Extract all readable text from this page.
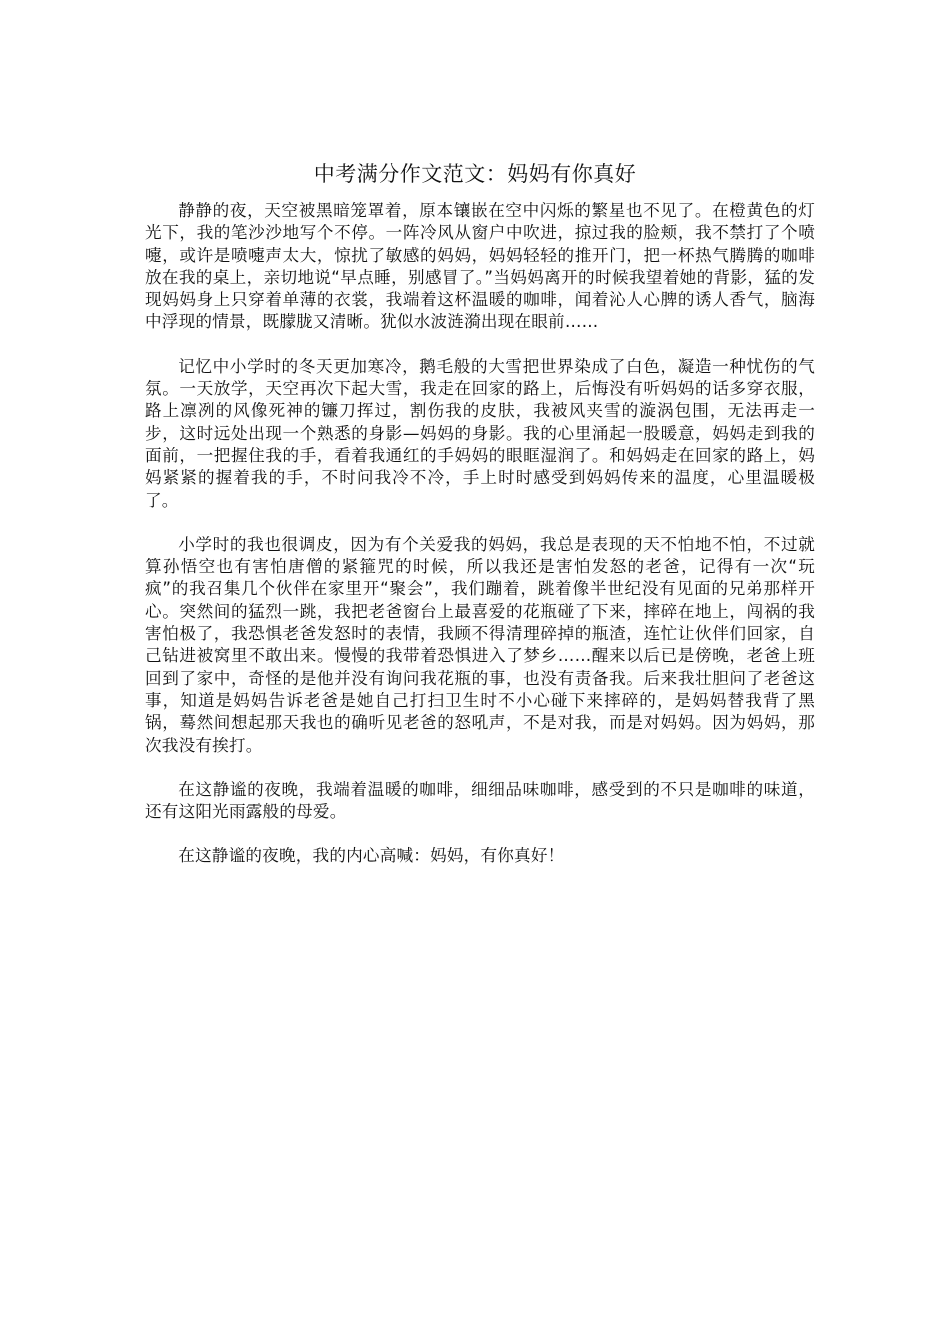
中考满分作文范文：妈妈有你真好

静静的夜，天空被黑暗笼罩着，原本镶嵌在空中闪烁的繁星也不见了。在橙黄色的灯光下，我的笔沙沙地写个不停。一阵冷风从窗户中吹进，掠过我的脸颊，我不禁打了个喷嚏，或许是喷嚏声太大，惊扰了敏感的妈妈，妈妈轻轻的推开门，把一杯热气腾腾的咖啡放在我的桌上，亲切地说“早点睡，别感冒了。”当妈妈离开的时候我望着她的背影，猛的发现妈妈身上只穿着单薄的衣裳，我端着这杯温暖的咖啡，闻着沁人心脾的诱人香气，脑海中浮现的情景，既朦胧又清晰。犹似水波涟漪出现在眼前……

记忆中小学时的冬天更加寒冷，鹅毛般的大雪把世界染成了白色，凝造一种忧伤的气氛。一天放学，天空再次下起大雪，我走在回家的路上，后悔没有听妈妈的话多穿衣服，路上凛冽的风像死神的镰刀挥过，割伤我的皮肤，我被风夹雪的漩涡包围，无法再走一步，这时远处出现一个熟悉的身影—妈妈的身影。我的心里涌起一股暖意，妈妈走到我的面前，一把握住我的手，看着我通红的手妈妈的眼眶湿润了。和妈妈走在回家的路上，妈妈紧紧的握着我的手，不时问我冷不冷，手上时时感受到妈妈传来的温度，心里温暖极了。

小学时的我也很调皮，因为有个关爱我的妈妈，我总是表现的天不怕地不怕，不过就算孙悟空也有害怕唐僧的紧箍咒的时候，所以我还是害怕发怒的老爸，记得有一次“玩疯”的我召集几个伙伴在家里开“聚会”，我们蹦着，跳着像半世纪没有见面的兄弟那样开心。突然间的猛烈一跳，我把老爸窗台上最喜爱的花瓶碰了下来，摔碎在地上，闯祸的我害怕极了，我恐惧老爸发怒时的表情，我顾不得清理碎掉的瓶渣，连忙让伙伴们回家，自己钻进被窝里不敢出来。慢慢的我带着恐惧进入了梦乡……醒来以后已是傍晚，老爸上班回到了家中，奇怪的是他并没有询问我花瓶的事，也没有责备我。后来我壮胆问了老爸这事，知道是妈妈告诉老爸是她自己打扫卫生时不小心碰下来摔碎的，是妈妈替我背了黑锅，蓦然间想起那天我也的确听见老爸的怒吼声，不是对我，而是对妈妈。因为妈妈，那次我没有挨打。

在这静谧的夜晚，我端着温暖的咖啡，细细品味咖啡，感受到的不只是咖啡的味道，还有这阳光雨露般的母爱。

在这静谧的夜晚，我的内心高喊：妈妈，有你真好！
